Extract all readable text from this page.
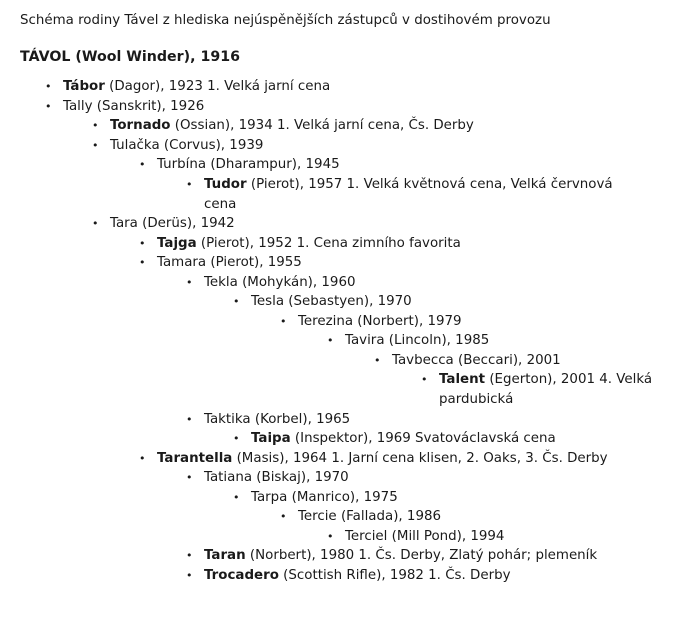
Schéma rodiny Tável z hlediska nejúspěnějších zástupců v dostihovém provozu
TÁVOL (Wool Winder), 1916
• Tábor (Dagor), 1923 1. Velká jarní cena
• Tally (Sanskrit), 1926
• Tornado (Ossian), 1934 1. Velká jarní cena, Čs. Derby
• Tulačka (Corvus), 1939
• Turbína (Dharampur), 1945
• Tudor (Pierot), 1957 1. Velká květnová cena, Velká červnová cena
• Tara (Derüs), 1942
• Tajga (Pierot), 1952 1. Cena zimního favorita
• Tamara (Pierot), 1955
• Tekla (Mohykán), 1960
• Tesla (Sebastyen), 1970
• Terezina (Norbert), 1979
• Tavira (Lincoln), 1985
• Tavbecca (Beccari), 2001
• Talent (Egerton), 2001 4. Velká pardubická
• Taktika (Korbel), 1965
• Taipa (Inspektor), 1969 Svatováclavská cena
• Tarantella (Masis), 1964 1. Jarní cena klisen, 2. Oaks, 3. Čs. Derby
• Tatiana (Biskaj), 1970
• Tarpa (Manrico), 1975
• Tercie (Fallada), 1986
• Terciel (Mill Pond), 1994
• Taran (Norbert), 1980 1. Čs. Derby, Zlatý pohár; plemeník
• Trocadero (Scottish Rifle), 1982 1. Čs. Derby
